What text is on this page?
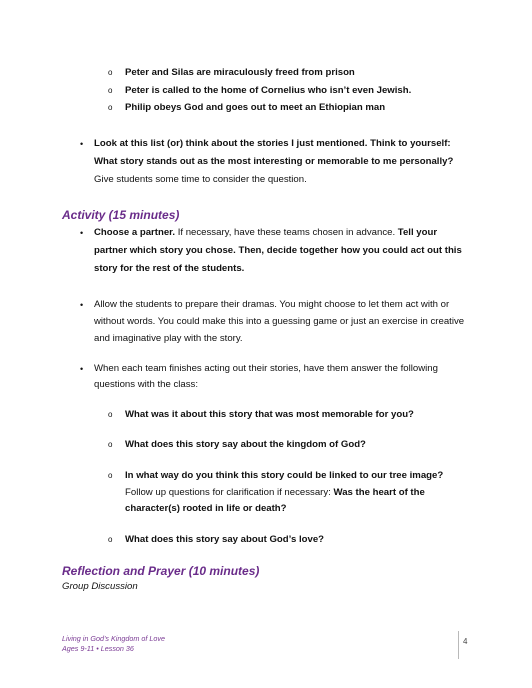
o Peter and Silas are miraculously freed from prison
o Peter is called to the home of Cornelius who isn’t even Jewish.
o Philip obeys God and goes out to meet an Ethiopian man
• Look at this list (or) think about the stories I just mentioned. Think to yourself:
What story stands out as the most interesting or memorable to me personally?
Give students some time to consider the question.
Activity (15 minutes)
• Choose a partner. If necessary, have these teams chosen in advance. Tell your
partner which story you chose. Then, decide together how you could act out this
story for the rest of the students.
• Allow the students to prepare their dramas. You might choose to let them act with or
without words. You could make this into a guessing game or just an exercise in creative
and imaginative play with the story.
• When each team finishes acting out their stories, have them answer the following
questions with the class:
o What was it about this story that was most memorable for you?
o What does this story say about the kingdom of God?
o In what way do you think this story could be linked to our tree image?
Follow up questions for clarification if necessary: Was the heart of the
character(s) rooted in life or death?
o What does this story say about God’s love?
Reflection and Prayer (10 minutes)
Group Discussion
Living in God’s Kingdom of Love
Ages 9-11 • Lesson 36
4
